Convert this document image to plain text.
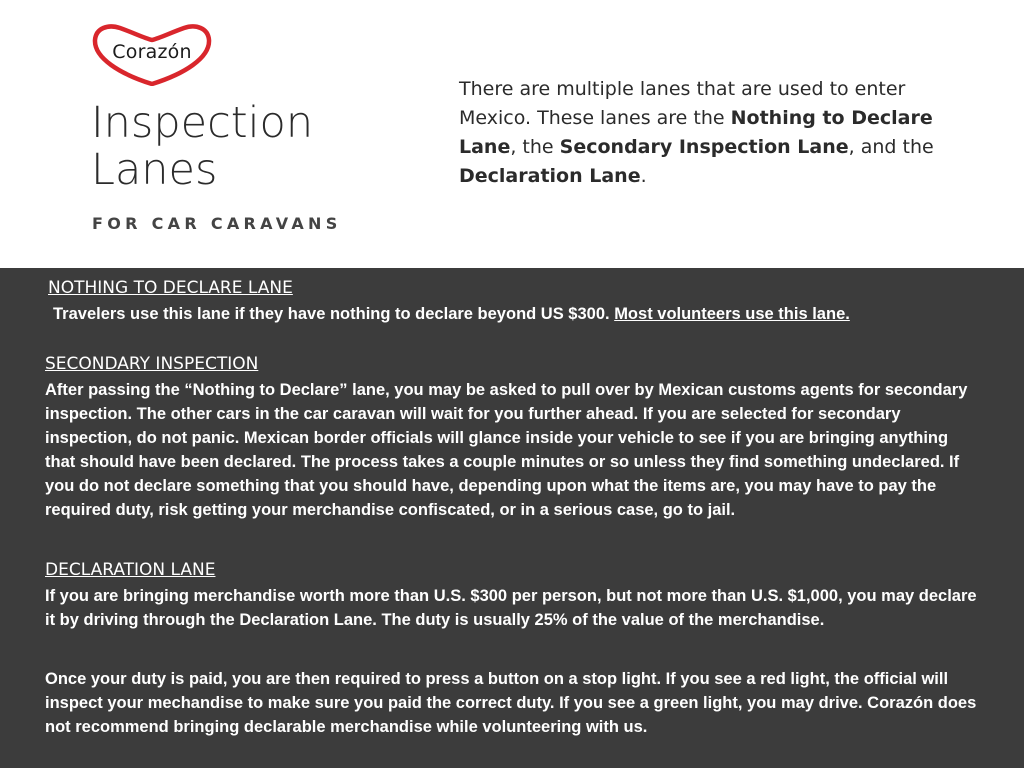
Corazón
Inspection
Lanes
FOR CAR CARAVANS
There are multiple lanes that are used to enter Mexico. These lanes are the Nothing to Declare Lane, the Secondary Inspection Lane, and the Declaration Lane.
NOTHING TO DECLARE LANE
Travelers use this lane if they have nothing to declare beyond US $300. Most volunteers use this lane.
SECONDARY INSPECTION
After passing the “Nothing to Declare” lane, you may be asked to pull over by Mexican customs agents for secondary inspection. The other cars in the car caravan will wait for you further ahead. If you are selected for secondary inspection, do not panic. Mexican border officials will glance inside your vehicle to see if you are bringing anything that should have been declared. The process takes a couple minutes or so unless they find something undeclared. If you do not declare something that you should have, depending upon what the items are, you may have to pay the required duty, risk getting your merchandise confiscated, or in a serious case, go to jail.
DECLARATION LANE
If you are bringing merchandise worth more than U.S. $300 per person, but not more than U.S. $1,000, you may declare it by driving through the Declaration Lane. The duty is usually 25% of the value of the merchandise.
Once your duty is paid, you are then required to press a button on a stop light. If you see a red light, the official will inspect your mechandise to make sure you paid the correct duty. If you see a green light, you may drive. Corazón does not recommend bringing declarable merchandise while volunteering with us.
